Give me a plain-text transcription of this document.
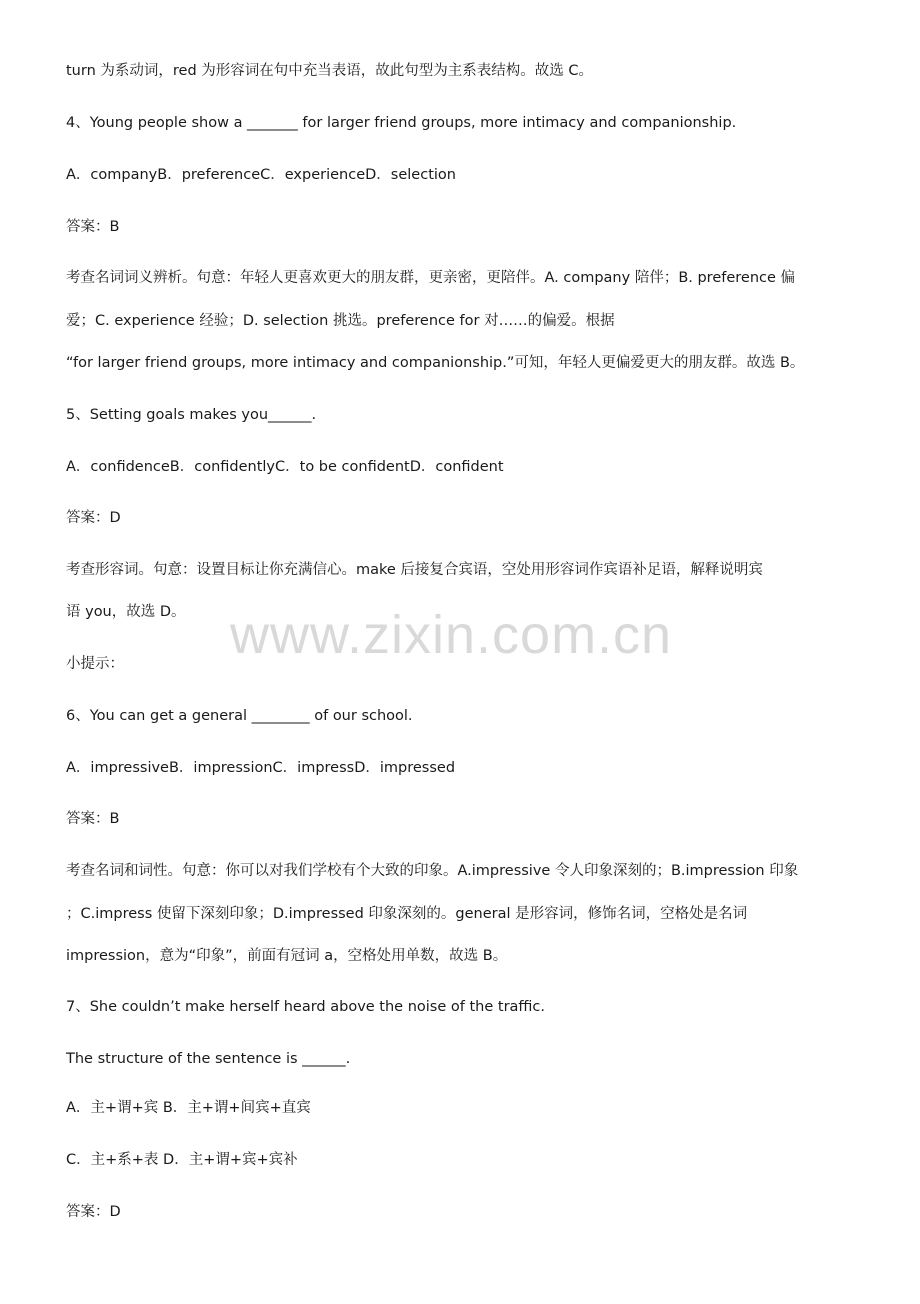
turn 为系动词，red 为形容词在句中充当表语，故此句型为主系表结构。故选 C。
4、Young people show a _______ for larger friend groups, more intimacy and companionship.
A．companyB．preferenceC．experienceD．selection
答案：B
考查名词词义辨析。句意：年轻人更喜欢更大的朋友群，更亲密，更陪伴。A. company 陪伴；B. preference 偏
爱；C. experience 经验；D. selection 挑选。preference for 对……的偏爱。根据
“for larger friend groups, more intimacy and companionship.”可知，年轻人更偏爱更大的朋友群。故选 B。
5、Setting goals makes you______.
A．confidenceB．confidentlyC．to be confidentD．confident
答案：D
考查形容词。句意：设置目标让你充满信心。make 后接复合宾语，空处用形容词作宾语补足语，解释说明宾
语 you，故选 D。
小提示：
6、You can get a general ________ of our school.
A．impressiveB．impressionC．impressD．impressed
答案：B
考查名词和词性。句意：你可以对我们学校有个大致的印象。A.impressive 令人印象深刻的；B.impression 印象
；C.impress 使留下深刻印象；D.impressed 印象深刻的。general 是形容词，修饰名词，空格处是名词
impression，意为“印象”，前面有冠词 a，空格处用单数，故选 B。
7、She couldn’t make herself heard above the noise of the traffic.
The structure of the sentence is ______.
A．主+谓+宾 B．主+谓+间宾+直宾
C．主+系+表 D．主+谓+宾+宾补
答案：D
www.zixin.com.cn
